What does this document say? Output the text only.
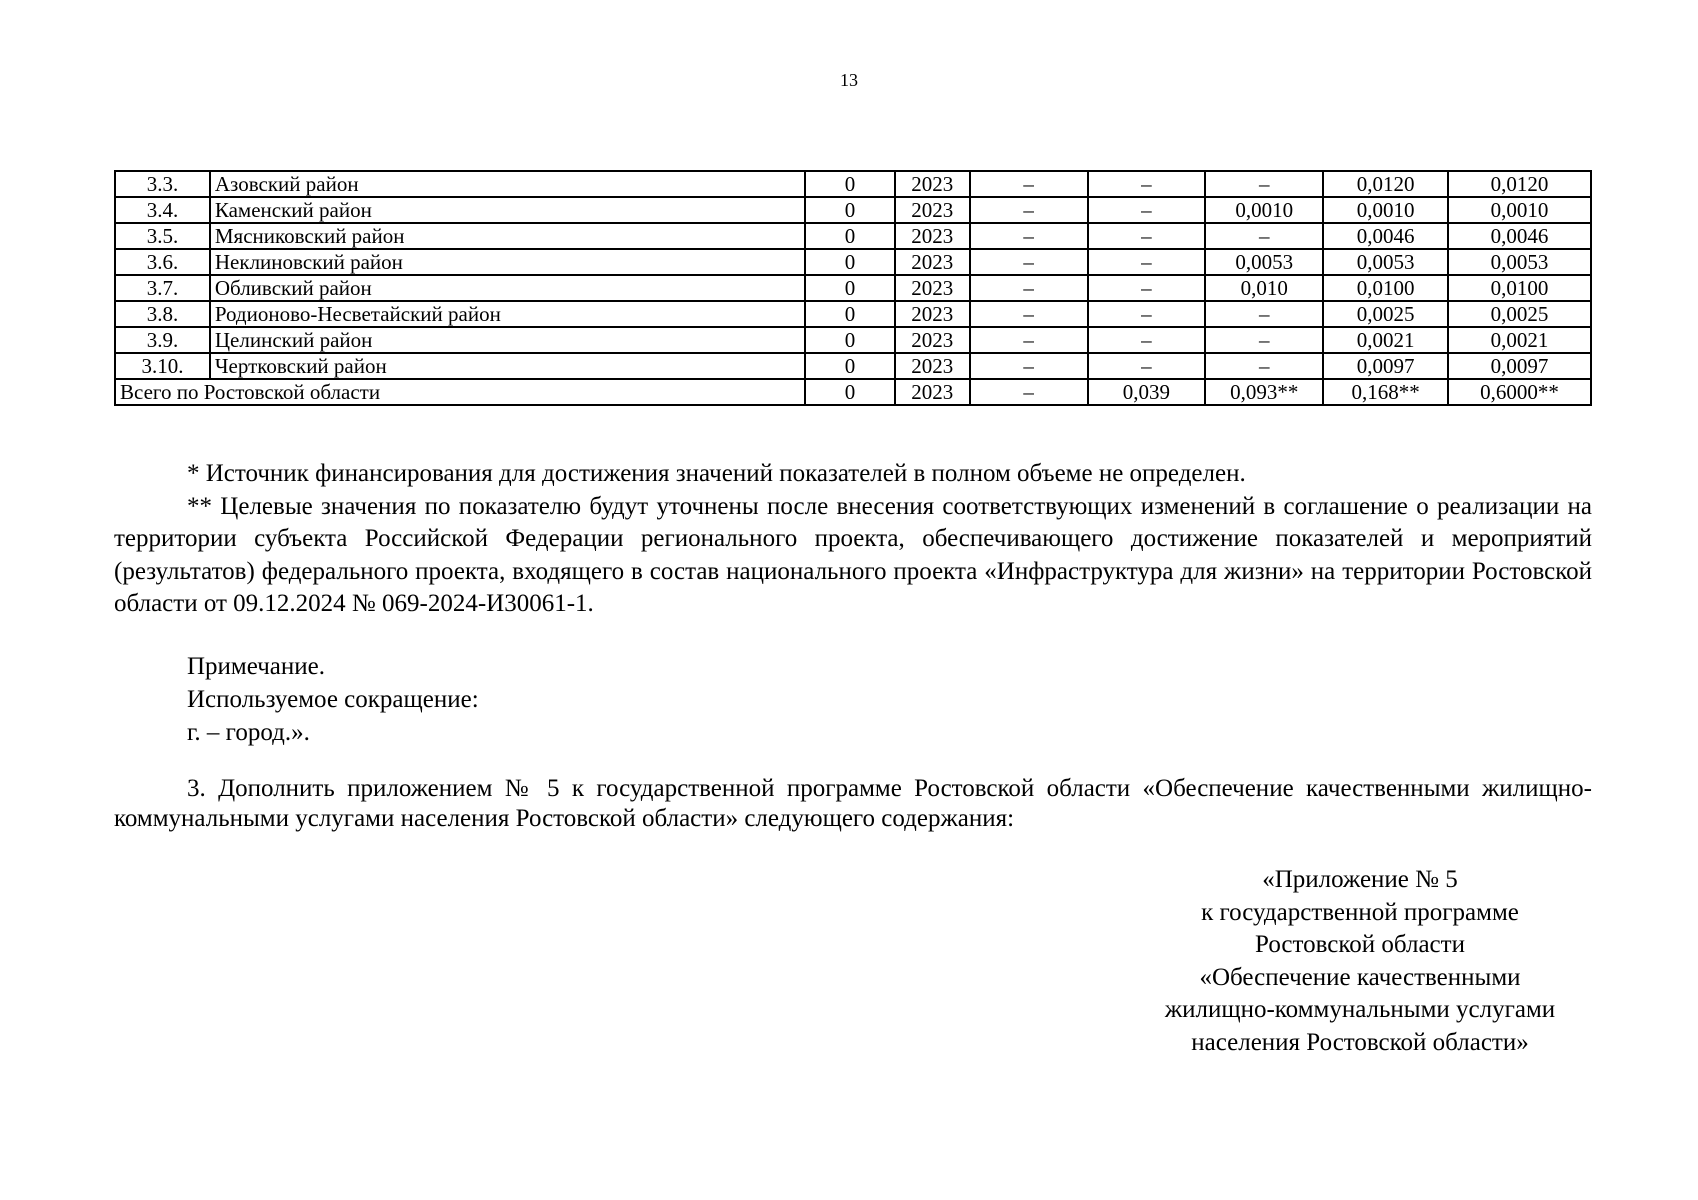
13
3.3.	Азовский район	0	2023	–	–	–	0,0120	0,0120
3.4.	Каменский район	0	2023	–	–	0,0010	0,0010	0,0010
3.5.	Мясниковский район	0	2023	–	–	–	0,0046	0,0046
3.6.	Неклиновский район	0	2023	–	–	0,0053	0,0053	0,0053
3.7.	Обливский район	0	2023	–	–	0,010	0,0100	0,0100
3.8.	Родионово-Несветайский район	0	2023	–	–	–	0,0025	0,0025
3.9.	Целинский район	0	2023	–	–	–	0,0021	0,0021
3.10.	Чертковский район	0	2023	–	–	–	0,0097	0,0097
Всего по Ростовской области		0	2023	–	0,039	0,093**	0,168**	0,6000**

* Источник финансирования для достижения значений показателей в полном объеме не определен.

** Целевые значения по показателю будут уточнены после внесения соответствующих изменений в соглашение о реализации на территории субъекта Российской Федерации регионального проекта, обеспечивающего достижение показателей и мероприятий (результатов) федерального проекта, входящего в состав национального проекта «Инфраструктура для жизни» на территории Ростовской области от 09.12.2024 № 069-2024-И30061-1.

Примечание.
Используемое сокращение:
г. – город.».

3. Дополнить приложением № 5 к государственной программе Ростовской области «Обеспечение качественными жилищно-коммунальными услугами населения Ростовской области» следующего содержания:

«Приложение № 5
к государственной программе
Ростовской области
«Обеспечение качественными
жилищно-коммунальными услугами
населения Ростовской области»
